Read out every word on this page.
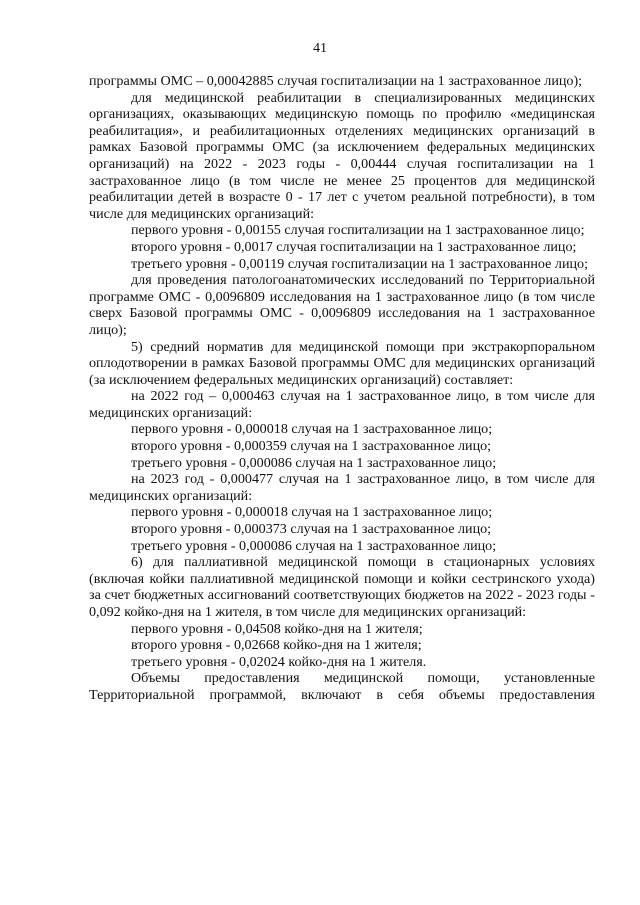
41

программы ОМС – 0,00042885 случая госпитализации на 1 застрахованное лицо);

для медицинской реабилитации в специализированных медицинских организациях, оказывающих медицинскую помощь по профилю «медицинская реабилитация», и реабилитационных отделениях медицинских организаций в рамках Базовой программы ОМС (за исключением федеральных медицинских организаций) на 2022 - 2023 годы - 0,00444 случая госпитализации на 1 застрахованное лицо (в том числе не менее 25 процентов для медицинской реабилитации детей в возрасте 0 - 17 лет с учетом реальной потребности), в том числе для медицинских организаций:

первого уровня - 0,00155 случая госпитализации на 1 застрахованное лицо;

второго уровня - 0,0017 случая госпитализации на 1 застрахованное лицо;

третьего уровня - 0,00119 случая госпитализации на 1 застрахованное лицо;

для проведения патологоанатомических исследований по Территориальной программе ОМС - 0,0096809 исследования на 1 застрахованное лицо (в том числе сверх Базовой программы ОМС - 0,0096809 исследования на 1 застрахованное лицо);

5) средний норматив для медицинской помощи при экстракорпоральном оплодотворении в рамках Базовой программы ОМС для медицинских организаций (за исключением федеральных медицинских организаций) составляет:

на 2022 год – 0,000463 случая на 1 застрахованное лицо, в том числе для медицинских организаций:

первого уровня - 0,000018 случая на 1 застрахованное лицо;

второго уровня - 0,000359 случая на 1 застрахованное лицо;

третьего уровня - 0,000086 случая на 1 застрахованное лицо;

на 2023 год - 0,000477 случая на 1 застрахованное лицо, в том числе для медицинских организаций:

первого уровня - 0,000018 случая на 1 застрахованное лицо;

второго уровня - 0,000373 случая на 1 застрахованное лицо;

третьего уровня - 0,000086 случая на 1 застрахованное лицо;

6) для паллиативной медицинской помощи в стационарных условиях (включая койки паллиативной медицинской помощи и койки сестринского ухода) за счет бюджетных ассигнований соответствующих бюджетов на 2022 - 2023 годы - 0,092 койко-дня на 1 жителя, в том числе для медицинских организаций:

первого уровня - 0,04508 койко-дня на 1 жителя;

второго уровня - 0,02668 койко-дня на 1 жителя;

третьего уровня - 0,02024 койко-дня на 1 жителя.

Объемы предоставления медицинской помощи, установленные Территориальной программой, включают в себя объемы предоставления
